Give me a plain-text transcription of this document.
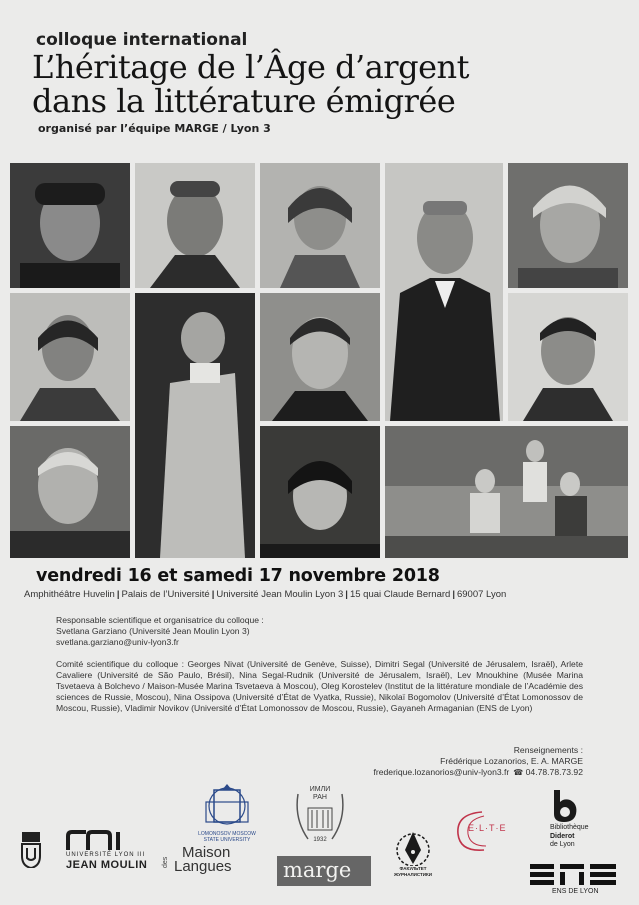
colloque international
L’héritage de l’Âge d’argent
dans la littérature émigrée
organisé par l’équipe MARGE / Lyon 3
vendredi 16 et samedi 17 novembre 2018
Amphithéâtre Huvelin | Palais de l’Université | Université Jean Moulin Lyon 3 | 15 quai Claude Bernard | 69007 Lyon
Responsable scientifique et organisatrice du colloque :
Svetlana Garziano (Université Jean Moulin Lyon 3)
svetlana.garziano@univ-lyon3.fr
Comité scientifique du colloque : Georges Nivat (Université de Genève, Suisse), Dimitri Segal (Université de Jérusalem, Israël), Arlete Cavaliere (Université de São Paulo, Brésil), Nina Segal-Rudnik (Université de Jérusalem, Israël), Lev Mnoukhine (Musée Marina Tsvetaeva à Bolchevo / Maison-Musée Marina Tsvetaeva à Moscou), Oleg Korostelev (Institut de la littérature mondiale de l’Académie des sciences de Russie, Moscou), Nina Ossipova (Université d’État de Vyatka, Russie), Nikolaï Bogomolov (Université d’État Lomonossov de Moscou, Russie), Vladimir Novikov (Université d’État Lomonossov de Moscou, Russie), Gayaneh Armaganian (ENS de Lyon)
Renseignements :
Frédérique Lozanorios, E. A. MARGE
frederique.lozanorios@univ-lyon3.fr ☎ 04.78.78.73.92
LOMONOSOV MOSCOW
STATE UNIVERSITY
ИМЛИ
РАН
1932
E·L·T·E	Bibliothèque
Diderot
de Lyon
UNIVERSITÉ LYON III
JEAN MOULIN des
Maison
Langues marge	ФАКУЛЬТЕТ
ЖУРНАЛИСТИКИ
ENS DE LYON
